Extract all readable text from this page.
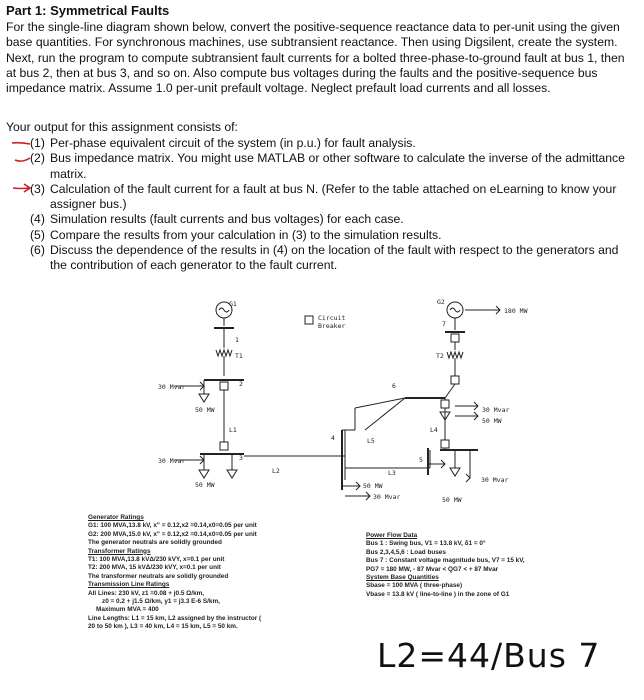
Part 1: Symmetrical Faults
For the single-line diagram shown below, convert the positive-sequence reactance data to per-unit using the given base quantities. For synchronous machines, use subtransient reactance. Then using Digsilent, create the system. Next, run the program to compute subtransient fault currents for a bolted three-phase-to-ground fault at bus 1, then at bus 2, then at bus 3, and so on. Also compute bus voltages during the faults and the positive-sequence bus impedance matrix. Assume 1.0 per-unit prefault voltage. Neglect prefault load currents and all losses.
Your output for this assignment consists of:
(1) Per-phase equivalent circuit of the system (in p.u.) for fault analysis.
(2) Bus impedance matrix. You might use MATLAB or other software to calculate the inverse of the admittance matrix.
(3) Calculation of the fault current for a fault at bus N. (Refer to the table attached on eLearning to know your assigner bus.)
(4) Simulation results (fault currents and bus voltages) for each case.
(5) Compare the results from your calculation in (3) to the simulation results.
(6) Discuss the dependence of the results in (4) on the location of the fault with respect to the generators and the contribution of each generator to the fault current.
G1	G2
1
T1
2
L1
3
L2
4	L5
6
L3
5
L4
T2
7
180 MW
Circuit
Breaker
30 Mvar
50 MW
30 Mvar
50 MW
30 Mvar
50 MW
50 MW
30 Mvar	50 MW
30 Mvar
Generator Ratings
G1: 100 MVA,13.8 kV, x" = 0.12,x2 =0.14,x0=0.05 per unit
G2: 200 MVA,15.0 kV, x" = 0.12,x2 =0.14,x0=0.05 per unit
The generator neutrals are solidly grounded
Transformer Ratings
T1: 100 MVA,13.8 kVΔ/230 kVY, x=0.1 per unit
T2: 200 MVA, 15 kVΔ/230 kVY, x=0.1 per unit
The transformer neutrals are solidly grounded
Transmission Line Ratings
All Lines: 230 kV, z1 =0.08 + j0.5 Ω/km,
z0 = 0.2 + j1.5 Ω/km, y1 = j3.3 E-6 S/km,
Maximum MVA = 400
Line Lengths: L1 = 15 km, L2 assigned by the instructor (
20 to 50 km ), L3 = 40 km, L4 = 15 km, L5 = 50 km.
Power Flow Data
Bus 1 : Swing bus, V1 = 13.8 kV, δ1 = 0°
Bus 2,3,4,5,6 : Load buses
Bus 7 : Constant voltage magnitude bus, V7 = 15 kV,
PG7 = 180 MW, - 87 Mvar < QG7 < + 87 Mvar
System Base Quantities
Sbase = 100 MVA ( three-phase)
Vbase = 13.8 kV ( line-to-line ) in the zone of G1
L2=44/Bus 7
